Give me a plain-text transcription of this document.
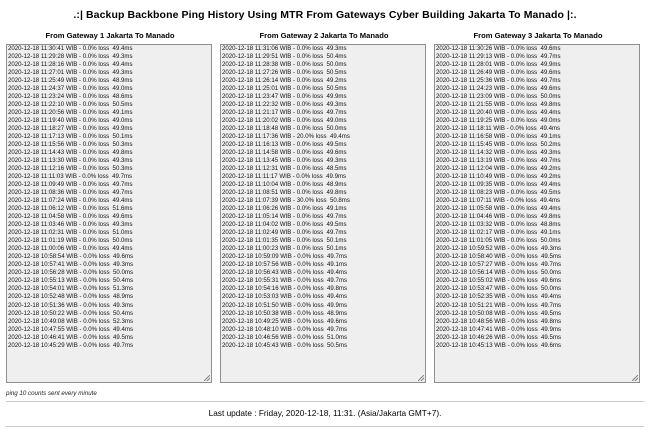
.:| Backup Backbone Ping History Using MTR From Gateways Cyber Building Jakarta To Manado |:.
From Gateway 1 Jakarta To Manado	From Gateway 2 Jakarta To Manado	From Gateway 3 Jakarta To Manado
2020-12-18 11:30:41 WIB - 0.0% loss  49.4ms
2020-12-18 11:29:28 WIB - 0.0% loss  49.3ms
2020-12-18 11:28:16 WIB - 0.0% loss  49.4ms
2020-12-18 11:27:01 WIB - 0.0% loss  49.3ms
2020-12-18 11:25:49 WIB - 0.0% loss  48.9ms
2020-12-18 11:24:37 WIB - 0.0% loss  49.0ms
2020-12-18 11:23:24 WIB - 0.0% loss  48.6ms
2020-12-18 11:22:10 WIB - 0.0% loss  50.5ms
2020-12-18 11:20:56 WIB - 0.0% loss  49.1ms
2020-12-18 11:19:40 WIB - 0.0% loss  49.0ms
2020-12-18 11:18:27 WIB - 0.0% loss  49.9ms
2020-12-18 11:17:13 WIB - 0.0% loss  50.1ms
2020-12-18 11:15:56 WIB - 0.0% loss  50.3ms
2020-12-18 11:14:43 WIB - 0.0% loss  49.8ms
2020-12-18 11:13:30 WIB - 0.0% loss  49.3ms
2020-12-18 11:12:16 WIB - 0.0% loss  50.3ms
2020-12-18 11:11:03 WIB - 0.0% loss  49.7ms
2020-12-18 11:09:49 WIB - 0.0% loss  49.7ms
2020-12-18 11:08:36 WIB - 0.0% loss  49.7ms
2020-12-18 11:07:24 WIB - 0.0% loss  49.4ms
2020-12-18 11:06:12 WIB - 0.0% loss  51.6ms
2020-12-18 11:04:58 WIB - 0.0% loss  49.6ms
2020-12-18 11:03:46 WIB - 0.0% loss  49.3ms
2020-12-18 11:02:31 WIB - 0.0% loss  51.0ms
2020-12-18 11:01:19 WIB - 0.0% loss  50.0ms
2020-12-18 11:00:06 WIB - 0.0% loss  49.4ms
2020-12-18 10:58:54 WIB - 0.0% loss  49.6ms
2020-12-18 10:57:41 WIB - 0.0% loss  49.3ms
2020-12-18 10:56:28 WIB - 0.0% loss  50.0ms
2020-12-18 10:55:13 WIB - 0.0% loss  50.4ms
2020-12-18 10:54:01 WIB - 0.0% loss  51.3ms
2020-12-18 10:52:48 WIB - 0.0% loss  48.9ms
2020-12-18 10:51:36 WIB - 0.0% loss  49.3ms
2020-12-18 10:50:22 WIB - 0.0% loss  50.4ms
2020-12-18 10:49:08 WIB - 0.0% loss  52.3ms
2020-12-18 10:47:55 WIB - 0.0% loss  49.4ms
2020-12-18 10:46:41 WIB - 0.0% loss  49.5ms
2020-12-18 10:45:29 WIB - 0.0% loss  49.7ms
2020-12-18 11:31:06 WIB - 0.0% loss  49.3ms
2020-12-18 11:29:51 WIB - 0.0% loss  50.4ms
2020-12-18 11:28:38 WIB - 0.0% loss  50.0ms
2020-12-18 11:27:26 WIB - 0.0% loss  50.5ms
2020-12-18 11:26:14 WIB - 0.0% loss  49.2ms
2020-12-18 11:25:01 WIB - 0.0% loss  50.5ms
2020-12-18 11:23:47 WIB - 0.0% loss  49.9ms
2020-12-18 11:22:32 WIB - 0.0% loss  49.3ms
2020-12-18 11:21:17 WIB - 0.0% loss  49.7ms
2020-12-18 11:20:02 WIB - 0.0% loss  49.0ms
2020-12-18 11:18:48 WIB - 0.0% loss  50.0ms
2020-12-18 11:17:36 WIB - 20.0% loss  49.4ms
2020-12-18 11:16:13 WIB - 0.0% loss  49.5ms
2020-12-18 11:14:58 WIB - 0.0% loss  49.6ms
2020-12-18 11:13:45 WIB - 0.0% loss  49.3ms
2020-12-18 11:12:31 WIB - 0.0% loss  48.5ms
2020-12-18 11:11:17 WIB - 0.0% loss  49.9ms
2020-12-18 11:10:04 WIB - 0.0% loss  48.9ms
2020-12-18 11:08:51 WIB - 0.0% loss  49.8ms
2020-12-18 11:07:39 WIB - 30.0% loss  50.8ms
2020-12-18 11:06:26 WIB - 0.0% loss  49.1ms
2020-12-18 11:05:14 WIB - 0.0% loss  49.7ms
2020-12-18 11:04:02 WIB - 0.0% loss  49.5ms
2020-12-18 11:02:49 WIB - 0.0% loss  49.7ms
2020-12-18 11:01:35 WIB - 0.0% loss  50.1ms
2020-12-18 11:00:23 WIB - 0.0% loss  50.1ms
2020-12-18 10:59:09 WIB - 0.0% loss  49.7ms
2020-12-18 10:57:56 WIB - 0.0% loss  49.1ms
2020-12-18 10:56:43 WIB - 0.0% loss  49.4ms
2020-12-18 10:55:31 WIB - 0.0% loss  49.7ms
2020-12-18 10:54:16 WIB - 0.0% loss  49.8ms
2020-12-18 10:53:03 WIB - 0.0% loss  49.4ms
2020-12-18 10:51:50 WIB - 0.0% loss  49.9ms
2020-12-18 10:50:38 WIB - 0.0% loss  48.9ms
2020-12-18 10:49:25 WIB - 0.0% loss  49.6ms
2020-12-18 10:48:10 WIB - 0.0% loss  49.7ms
2020-12-18 10:46:56 WIB - 0.0% loss  51.0ms
2020-12-18 10:45:43 WIB - 0.0% loss  50.5ms
2020-12-18 11:30:26 WIB - 0.0% loss  49.6ms
2020-12-18 11:29:13 WIB - 0.0% loss  49.7ms
2020-12-18 11:28:01 WIB - 0.0% loss  49.9ms
2020-12-18 11:26:49 WIB - 0.0% loss  49.6ms
2020-12-18 11:25:36 WIB - 0.0% loss  49.7ms
2020-12-18 11:24:23 WIB - 0.0% loss  49.6ms
2020-12-18 11:23:09 WIB - 0.0% loss  50.0ms
2020-12-18 11:21:55 WIB - 0.0% loss  49.8ms
2020-12-18 11:20:40 WIB - 0.0% loss  49.4ms
2020-12-18 11:19:25 WIB - 0.0% loss  49.0ms
2020-12-18 11:18:11 WIB - 0.0% loss  49.4ms
2020-12-18 11:16:58 WIB - 0.0% loss  49.1ms
2020-12-18 11:15:45 WIB - 0.0% loss  50.2ms
2020-12-18 11:14:32 WIB - 0.0% loss  49.3ms
2020-12-18 11:13:19 WIB - 0.0% loss  49.7ms
2020-12-18 11:12:04 WIB - 0.0% loss  49.2ms
2020-12-18 11:10:49 WIB - 0.0% loss  49.2ms
2020-12-18 11:09:35 WIB - 0.0% loss  49.4ms
2020-12-18 11:08:23 WIB - 0.0% loss  49.5ms
2020-12-18 11:07:11 WIB - 0.0% loss  49.4ms
2020-12-18 11:05:58 WIB - 0.0% loss  49.4ms
2020-12-18 11:04:46 WIB - 0.0% loss  49.8ms
2020-12-18 11:03:32 WIB - 0.0% loss  48.8ms
2020-12-18 11:02:17 WIB - 0.0% loss  49.1ms
2020-12-18 11:01:05 WIB - 0.0% loss  50.0ms
2020-12-18 10:59:52 WIB - 0.0% loss  49.3ms
2020-12-18 10:58:40 WIB - 0.0% loss  49.5ms
2020-12-18 10:57:27 WIB - 0.0% loss  49.7ms
2020-12-18 10:56:14 WIB - 0.0% loss  50.0ms
2020-12-18 10:55:02 WIB - 0.0% loss  49.6ms
2020-12-18 10:53:47 WIB - 0.0% loss  50.0ms
2020-12-18 10:52:35 WIB - 0.0% loss  49.4ms
2020-12-18 10:51:21 WIB - 0.0% loss  49.7ms
2020-12-18 10:50:08 WIB - 0.0% loss  49.5ms
2020-12-18 10:48:56 WIB - 0.0% loss  49.8ms
2020-12-18 10:47:41 WIB - 0.0% loss  49.9ms
2020-12-18 10:46:26 WIB - 0.0% loss  49.5ms
2020-12-18 10:45:13 WIB - 0.0% loss  49.6ms
ping 10 counts sent every minute
Last update : Friday, 2020-12-18, 11:31. (Asia/Jakarta GMT+7).
